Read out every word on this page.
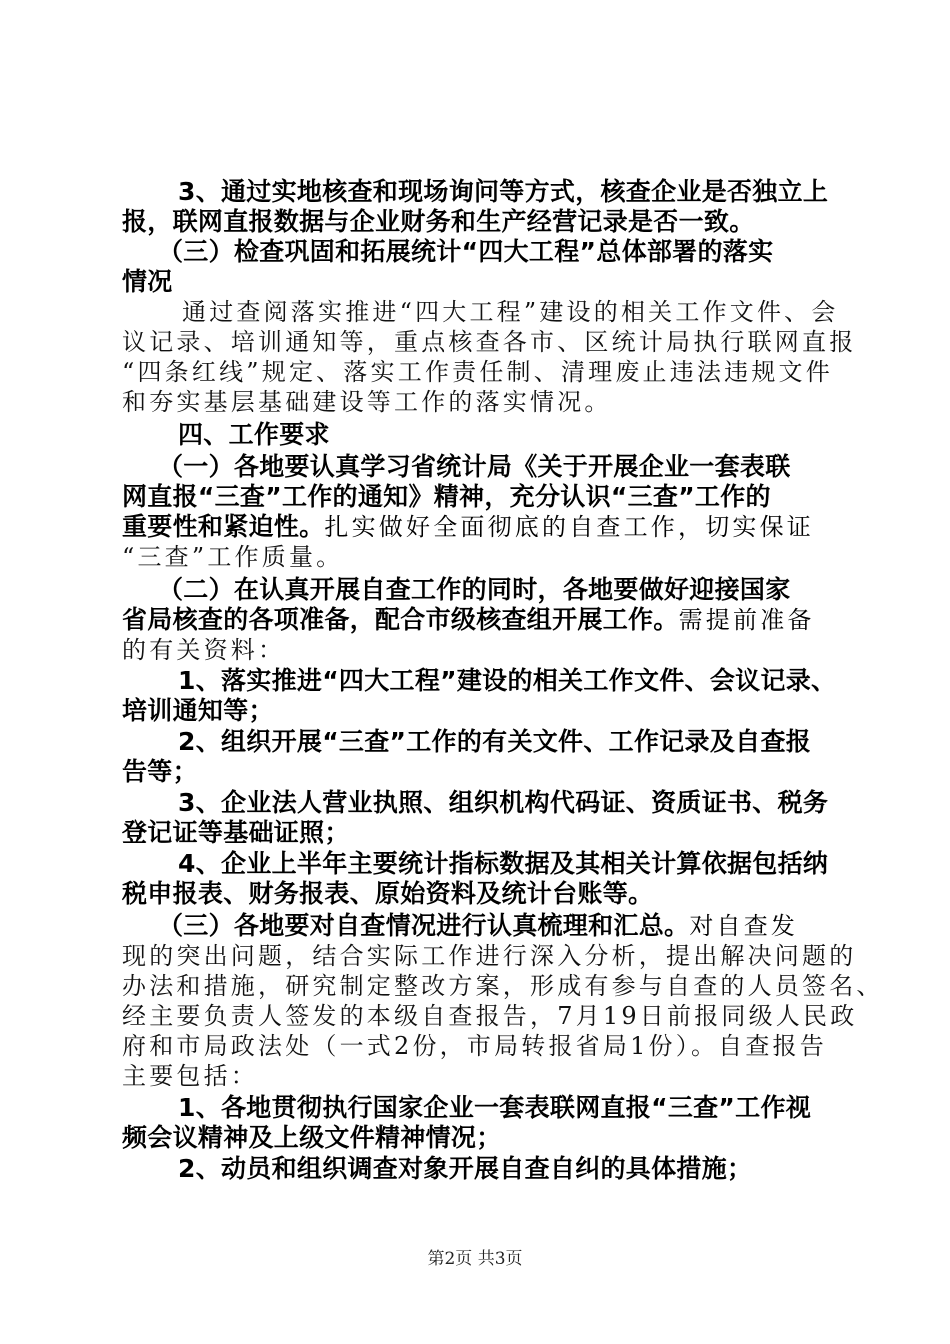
3、通过实地核查和现场询问等方式，核查企业是否独立上
报，联网直报数据与企业财务和生产经营记录是否一致。
（三）检查巩固和拓展统计“四大工程”总体部署的落实
情况
通过查阅落实推进“四大工程”建设的相关工作文件、会
议记录、培训通知等，重点核查各市、区统计局执行联网直报
“四条红线”规定、落实工作责任制、清理废止违法违规文件
和夯实基层基础建设等工作的落实情况。
四、工作要求
（一）各地要认真学习省统计局《关于开展企业一套表联
网直报“三查”工作的通知》精神，充分认识“三查”工作的
重要性和紧迫性。扎实做好全面彻底的自查工作，切实保证
“三查”工作质量。
（二）在认真开展自查工作的同时，各地要做好迎接国家
省局核查的各项准备，配合市级核查组开展工作。需提前准备
的有关资料：
1、落实推进“四大工程”建设的相关工作文件、会议记录、
培训通知等；
2、组织开展“三查”工作的有关文件、工作记录及自查报
告等；
3、企业法人营业执照、组织机构代码证、资质证书、税务
登记证等基础证照；
4、企业上半年主要统计指标数据及其相关计算依据包括纳
税申报表、财务报表、原始资料及统计台账等。
（三）各地要对自查情况进行认真梳理和汇总。对自查发
现的突出问题，结合实际工作进行深入分析，提出解决问题的
办法和措施，研究制定整改方案，形成有参与自查的人员签名、
经主要负责人签发的本级自查报告，7月19日前报同级人民政
府和市局政法处（一式2份，市局转报省局1份）。自查报告
主要包括：
1、各地贯彻执行国家企业一套表联网直报“三查”工作视
频会议精神及上级文件精神情况；
2、动员和组织调查对象开展自查自纠的具体措施；
第2页 共3页
